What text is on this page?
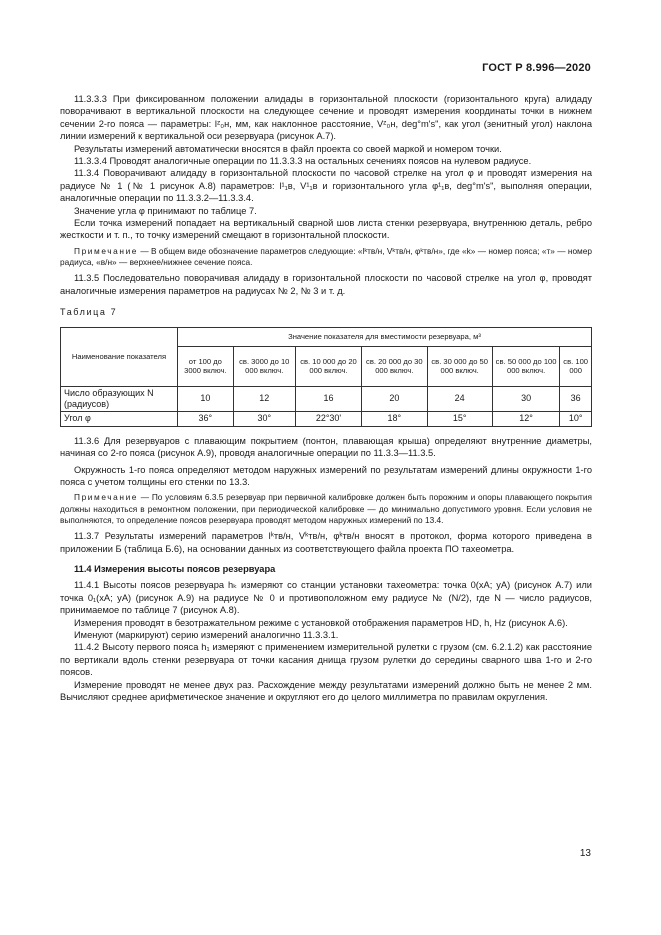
ГОСТ Р 8.996—2020

11.3.3.3 При фиксированном положении алидады в горизонтальной плоскости (горизонтального круга) алидаду поворачивают в вертикальной плоскости на следующее сечение и проводят измерения координаты точки в нижнем сечении 2-го пояса — параметры: lᶻ₀н, мм, как наклонное расстояние, Vᶻ₀н, deg°m's", как угол (зенитный угол) наклона линии измерений к вертикальной оси резервуара (рисунок А.7).

Результаты измерений автоматически вносятся в файл проекта со своей маркой и номером точки.

11.3.3.4 Проводят аналогичные операции по 11.3.3.3 на остальных сечениях поясов на нулевом радиусе.

11.3.4 Поворачивают алидаду в горизонтальной плоскости по часовой стрелке на угол φ и проводят измерения на радиусе № 1 (№ 1 рисунок А.8) параметров: l¹₁в, V¹₁в и горизонтального угла φ¹₁в, deg°m's", выполняя операции, аналогичные операции по 11.3.3.2—11.3.3.4.

Значение угла φ принимают по таблице 7.

Если точка измерений попадает на вертикальный сварной шов листа стенки резервуара, внутреннюю деталь, ребро жесткости и т. п., то точку измерений смещают в горизонтальной плоскости.

Примечание — В общем виде обозначение параметров следующие: «lᵏтв/н, Vᵏтв/н, φᵏтв/н», где «k» — номер пояса; «т» — номер радиуса, «в/н» — верхнее/нижнее сечение пояса.

11.3.5 Последовательно поворачивая алидаду в горизонтальной плоскости по часовой стрелке на угол φ, проводят аналогичные измерения параметров на радиусах № 2, № 3 и т. д.

Таблица 7

Наименование показателя	Значение показателя для вместимости резервуара, м³						
	от 100 до 3000 включ.	св. 3000 до 10 000 включ.	св. 10 000 до 20 000 включ.	св. 20 000 до 30 000 включ.	св. 30 000 до 50 000 включ.	св. 50 000 до 100 000 включ.	св. 100 000
Число образующих N (радиусов)	10	12	16	20	24	30	36
Угол φ	36°	30°	22°30'	18°	15°	12°	10°

11.3.6 Для резервуаров с плавающим покрытием (понтон, плавающая крыша) определяют внутренние диаметры, начиная со 2-го пояса (рисунок А.9), проводя аналогичные операции по 11.3.3—11.3.5.

Окружность 1-го пояса определяют методом наружных измерений по результатам измерений длины окружности 1-го пояса с учетом толщины его стенки по 13.3.

Примечание — По условиям 6.3.5 резервуар при первичной калибровке должен быть порожним и опоры плавающего покрытия должны находиться в ремонтном положении, при периодической калибровке — до минимально допустимого уровня. Если условия не выполняются, то определение поясов резервуара проводят методом наружных измерений по 13.4.

11.3.7 Результаты измерений параметров lᵏтв/н, Vᵏтв/н, φᵏтв/н вносят в протокол, форма которого приведена в приложении Б (таблица Б.6), на основании данных из соответствующего файла проекта ПО тахеометра.

11.4 Измерения высоты поясов резервуара

11.4.1 Высоты поясов резервуара hₖ измеряют со станции установки тахеометра: точка 0(xA; yA) (рисунок А.7) или точка 0₁(xA; yA) (рисунок А.9) на радиусе № 0 и противоположном ему радиусе № (N/2), где N — число радиусов, принимаемое по таблице 7 (рисунок А.8).

Измерения проводят в безотражательном режиме с установкой отображения параметров HD, h, Hz (рисунок А.6).

Именуют (маркируют) серию измерений аналогично 11.3.3.1.

11.4.2 Высоту первого пояса h₁ измеряют с применением измерительной рулетки с грузом (см. 6.2.1.2) как расстояние по вертикали вдоль стенки резервуара от точки касания днища грузом рулетки до середины сварного шва 1-го и 2-го поясов.

Измерение проводят не менее двух раз. Расхождение между результатами измерений должно быть не менее 2 мм. Вычисляют среднее арифметическое значение и округляют его до целого миллиметра по правилам округления.

13
